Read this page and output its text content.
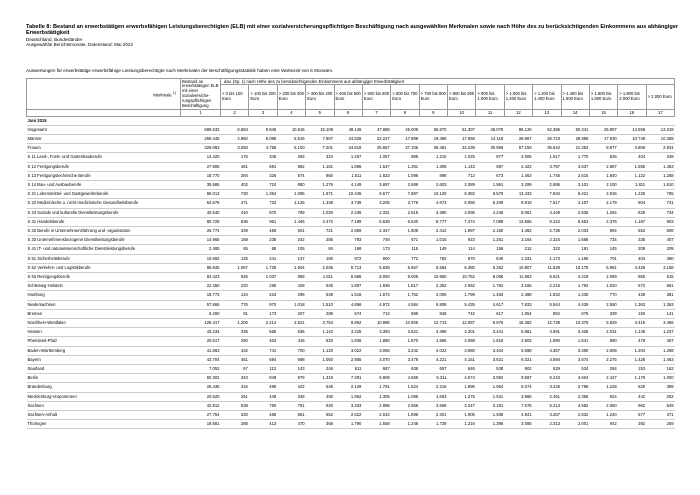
Tabelle 8: Bestand an erwerbstätigen erwerbsfähigen Leistungsberechtigten (ELB) mit einer sozialversicherungspflichtigen Beschäftigung nach ausgewählten Merkmalen sowie nach Höhe des zu berücksichtigenden Einkommens aus abhängiger Erwerbstätigkeit
Deutschland, Bundesländer
Ausgewählte Berichtsmonate, Datenstand: Mai 2022
Auswertungen für erwerbstätige erwerbsfähige Leistungsberechtigte nach Merkmalen der Beschäftigungsstatistik haben eine Wartezeit von 6 Monaten.
Merkmale $^{1)}$	Bestand an erwerbstätigen ELB mit einer sozialversiche-rungspflichtigen Beschäftigung	dav. (Sp. 1) nach Höhe des zu berücksichtigenden Einkommens aus abhängiger Erwerbstätigkeit															
		> 0 bis 100 Euro	> 100 bis 200 Euro	> 200 bis 300 Euro	> 300 bis 400 Euro	> 400 bis 500 Euro	> 500 bis 600 Euro	> 600 bis 700 Euro	> 700 bis 800 Euro	> 800 bis 900 Euro	> 900 bis 1.000 Euro	> 1.000 bis 1.200 Euro	> 1.200 bis 1.400 Euro	> 1.400 bis 1.600 Euro	> 1.600 bis 1.800 Euro	> 1.800 bis 2.000 Euro	> 2.000 Euro
	1	2	3	4	5	6	7	8	9	10	11	12	13	14	15	16	17
Juni 2015																	
Insgesamt	589.532	6.653	9.846	10.616	15.108	49.146	47.886	45.005	55.870	51.307	45.079	86.126	62.365	50.341	26.907	14.558	13.319
Männer	260.445	2.960	5.088	5.516	7.907	24.526	22.227	17.899	19.389	17.068	14.119	28.967	26.723	28.989	17.930	10.749	10.389
Frauen	329.083	3.093	4.758	5.100	7.201	24.619	25.657	27.106	36.481	34.239	30.959	57.159	35.642	21.352	8.977	3.809	2.931
S 11 Land-, Forst- und Gartenbauberufe	14.420	176	345	293	324	1.257	1.057	985	1.210	1.025	877	2.006	1.517	1.770	825	404	349
S 12 Fertigungsberufe	27.906	461	691	882	1.181	1.696	1.547	1.281	1.306	1.143	987	2.422	3.797	4.637	2.857	1.555	1.463
S 13 Fertigungstechnische Berufe	18.770	284	326	574	860	1.511	1.623	1.096	898	712	673	1.463	1.745	2.615	1.840	1.122	1.258
S 14 Bau- und Ausbauberufe	35.586	402	724	880	1.276	4.149	3.697	2.689	2.603	2.389	1.961	3.299	2.695	3.101	2.100	1.811	1.810
S 21 Lebensmittel- und Gastgewerbeberufe	65.013	730	1.354	1.096	1.671	10.445	9.577	7.887	10.120	8.382	6.570	13.432	7.834	6.421	2.816	1.225	785
S 22 Medizinische u. nicht-medizinische Gesundheitsberufe	54.676	471	724	1.125	1.338	3.736	3.205	3.776	4.673	5.050	5.209	9.919	7.517	4.107	2.179	904	741
S 23 Soziale und kulturelle Dienstleistungsberufe	40.540	410	870	789	1.020	2.236	2.331	2.515	4.380	4.095	4.246	8.051	4.449	2.535	1.254	625	734
S 31 Handelsberufe	80.728	636	961	1.446	2.472	7.189	6.638	6.540	8.777	7.474	7.089	13.665	8.222	5.553	2.376	1.187	903
S 32 Berufe in Unternehmensführung und -organisation	26.774	339	459	501	721	2.659	2.347	1.805	2.412	1.997	2.150	4.482	2.736	2.033	994	553	606
S 33 Unternehmensbezogene Dienstleistungsberufe	14.965	169	235	242	285	793	749	671	1.015	923	1.251	3.164	2.324	1.668	734	335	407
S 41 IT- und naturwissenschaftliche Dienstleistungsberufe	2.485	65	68	105	84	166	173	115	149	114	156	212	322	191	145	209	209
S 51 Sicherheitsberufe	10.692	125	241	137	180	972	800	772	782	870	640	1.331	1.173	1.185	701	403	380
S 52 Verkehrs- und Logistikberufe	86.845	1.067	1.725	1.504	2.036	5.713	5.839	5.667	6.584	6.380	5.252	10.807	11.529	10.175	5.981	3.428	3.158
S 53 Reinigungsberufe	84.423	626	1.037	958	1.611	6.586	8.093	9.005	10.960	10.752	8.066	11.853	6.621	4.219	2.059	860	515
Schleswig-Holstein	22.450	220	295	428	545	1.807	1.836	1.817	2.352	2.062	1.762	3.166	2.215	1.792	1.020	572	561
Hamburg	18.773	134	234	298	538	1.518	1.673	1.752	2.006	1.799	1.483	2.488	1.832	1.430	770	439	381
Niedersachsen	57.866	776	970	1.018	1.510	4.656	4.972	4.584	5.808	5.435	4.617	7.833	5.944	4.439	2.550	1.363	1.363
Bremen	8.260	91	173	207	289	674	713	685	848	742	617	1.054	852	675	339	150	141
Nordrhein-Westfalen	128.417	1.200	2.214	2.521	3.754	9.862	10.996	10.805	12.713	12.087	9.976	16.382	12.738	10.379	5.929	3.415	3.466
Hessen	43.234	336	565	636	1.142	3.225	3.393	3.521	4.399	4.301	3.441	5.861	4.591	3.406	2.031	1.149	1.237
Rheinland-Pfalz	20.617	260	404	416	620	1.836	1.880	1.670	1.966	2.088	1.618	2.602	1.890	1.541	890	478	457
Baden-Württemberg	41.563	432	741	700	1.120	3.022	3.065	3.242	4.022	3.980	3.404	5.598	4.367	3.390	2.008	1.204	1.268
Bayern	43.704	461	694	698	1.050	2.905	3.070	3.478	4.221	4.151	3.621	6.021	4.594	3.574	2.275	1.428	1.463
Saarland	7.052	67	112	143	246	611	667	638	697	646	538	902	629	534	284	153	162
Berlin	60.302	343	849	979	1.319	7.291	6.909	4.685	5.311	4.574	3.992	9.597	6.243	4.604	2.427	1.179	1.000
Brandenburg	26.435	316	495	422	545	2.129	1.791	1.524	2.216	1.895	1.964	5.074	3.226	2.796	1.228	625	389
Mecklenburg-Vorpommern	20.620	261	448	348	490	1.862	1.305	1.096	1.603	1.275	1.531	3.966	2.451	2.366	924	442	252
Sachsen	42.912	538	750	781	920	3.333	2.996	2.566	3.668	3.247	3.181	7.576	5.213	4.582	2.050	962	549
Sachsen-Anhalt	27.754	330	489	551	652	2.622	2.042	1.696	2.301	1.905	1.938	4.941	3.267	2.832	1.240	577	371
Thüringen	19.581	288	413	470	368	1.790	1.558	1.246	1.739	1.316	1.396	3.085	2.313	2.001	942	392	259
